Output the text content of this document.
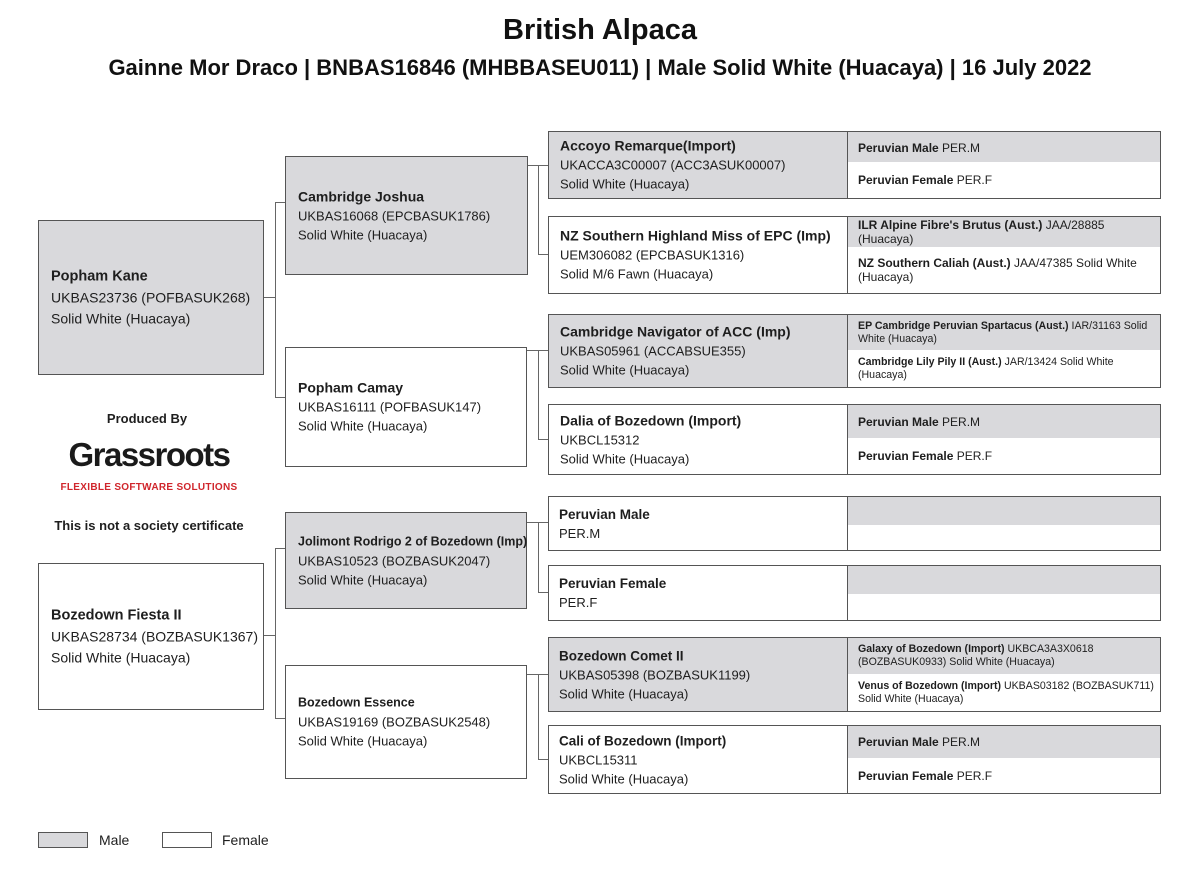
British Alpaca
Gainne Mor Draco | BNBAS16846 (MHBBASEU011) | Male Solid White (Huacaya) | 16 July 2022
Popham Kane
UKBAS23736 (POFBASUK268)
Solid White (Huacaya)
Bozedown Fiesta II
UKBAS28734 (BOZBASUK1367)
Solid White (Huacaya)
Cambridge Joshua
UKBAS16068 (EPCBASUK1786)
Solid White (Huacaya)
Popham Camay
UKBAS16111 (POFBASUK147)
Solid White (Huacaya)
Jolimont Rodrigo 2 of Bozedown (Imp)
UKBAS10523 (BOZBASUK2047)
Solid White (Huacaya)
Bozedown Essence
UKBAS19169 (BOZBASUK2548)
Solid White (Huacaya)
Accoyo Remarque(Import)
UKACCA3C00007 (ACC3ASUK00007)
Solid White (Huacaya)
Peruvian Male PER.M
Peruvian Female PER.F
NZ Southern Highland Miss of EPC (Imp)
UEM306082 (EPCBASUK1316)
Solid M/6 Fawn (Huacaya)
ILR Alpine Fibre's Brutus (Aust.) JAA/28885 (Huacaya)
NZ Southern Caliah (Aust.) JAA/47385 Solid White (Huacaya)
Cambridge Navigator of ACC (Imp)
UKBAS05961 (ACCABSUE355)
Solid White (Huacaya)
EP Cambridge Peruvian Spartacus (Aust.) IAR/31163 Solid White (Huacaya)
Cambridge Lily Pily II (Aust.) JAR/13424 Solid White (Huacaya)
Dalia of Bozedown (Import)
UKBCL15312
Solid White (Huacaya)
Peruvian Male PER.M
Peruvian Female PER.F
Peruvian Male
PER.M
Peruvian Female
PER.F
Bozedown Comet II
UKBAS05398 (BOZBASUK1199)
Solid White (Huacaya)
Galaxy of Bozedown (Import) UKBCA3A3X0618 (BOZBASUK0933) Solid White (Huacaya)
Venus of Bozedown (Import) UKBAS03182 (BOZBASUK711) Solid White (Huacaya)
Cali of Bozedown (Import)
UKBCL15311
Solid White (Huacaya)
Peruvian Male PER.M
Peruvian Female PER.F
Produced By
Grassroots
FLEXIBLE SOFTWARE SOLUTIONS
This is not a society certificate
Male	Female
